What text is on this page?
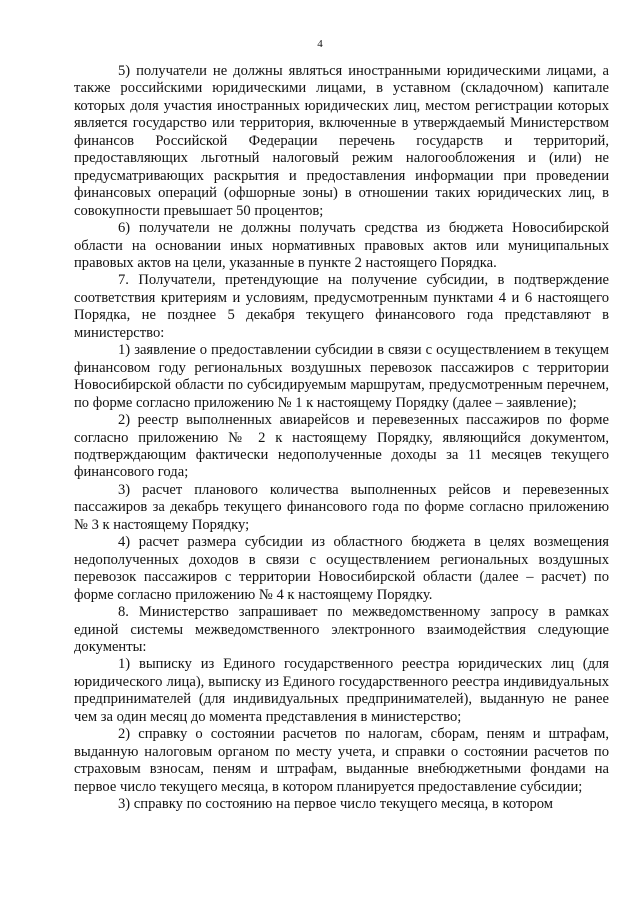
4

5) получатели не должны являться иностранными юридическими лицами, а также российскими юридическими лицами, в уставном (складочном) капитале которых доля участия иностранных юридических лиц, местом регистрации которых является государство или территория, включенные в утверждаемый Министерством финансов Российской Федерации перечень государств и территорий, предоставляющих льготный налоговый режим налогообложения и (или) не предусматривающих раскрытия и предоставления информации при проведении финансовых операций (офшорные зоны) в отношении таких юридических лиц, в совокупности превышает 50 процентов;

6) получатели не должны получать средства из бюджета Новосибирской области на основании иных нормативных правовых актов или муниципальных правовых актов на цели, указанные в пункте 2 настоящего Порядка.

7. Получатели, претендующие на получение субсидии, в подтверждение соответствия критериям и условиям, предусмотренным пунктами 4 и 6 настоящего Порядка, не позднее 5 декабря текущего финансового года представляют в министерство:

1) заявление о предоставлении субсидии в связи с осуществлением в текущем финансовом году региональных воздушных перевозок пассажиров с территории Новосибирской области по субсидируемым маршрутам, предусмотренным перечнем, по форме согласно приложению № 1 к настоящему Порядку (далее – заявление);

2) реестр выполненных авиарейсов и перевезенных пассажиров по форме согласно приложению № 2 к настоящему Порядку, являющийся документом, подтверждающим фактически недополученные доходы за 11 месяцев текущего финансового года;

3) расчет планового количества выполненных рейсов и перевезенных пассажиров за декабрь текущего финансового года по форме согласно приложению № 3 к настоящему Порядку;

4) расчет размера субсидии из областного бюджета в целях возмещения недополученных доходов в связи с осуществлением региональных воздушных перевозок пассажиров с территории Новосибирской области (далее – расчет) по форме согласно приложению № 4 к настоящему Порядку.

8. Министерство запрашивает по межведомственному запросу в рамках единой системы межведомственного электронного взаимодействия следующие документы:

1) выписку из Единого государственного реестра юридических лиц (для юридического лица), выписку из Единого государственного реестра индивидуальных предпринимателей (для индивидуальных предпринимателей), выданную не ранее чем за один месяц до момента представления в министерство;

2) справку о состоянии расчетов по налогам, сборам, пеням и штрафам, выданную налоговым органом по месту учета, и справки о состоянии расчетов по страховым взносам, пеням и штрафам, выданные внебюджетными фондами на первое число текущего месяца, в котором планируется предоставление субсидии;

3) справку по состоянию на первое число текущего месяца, в котором
